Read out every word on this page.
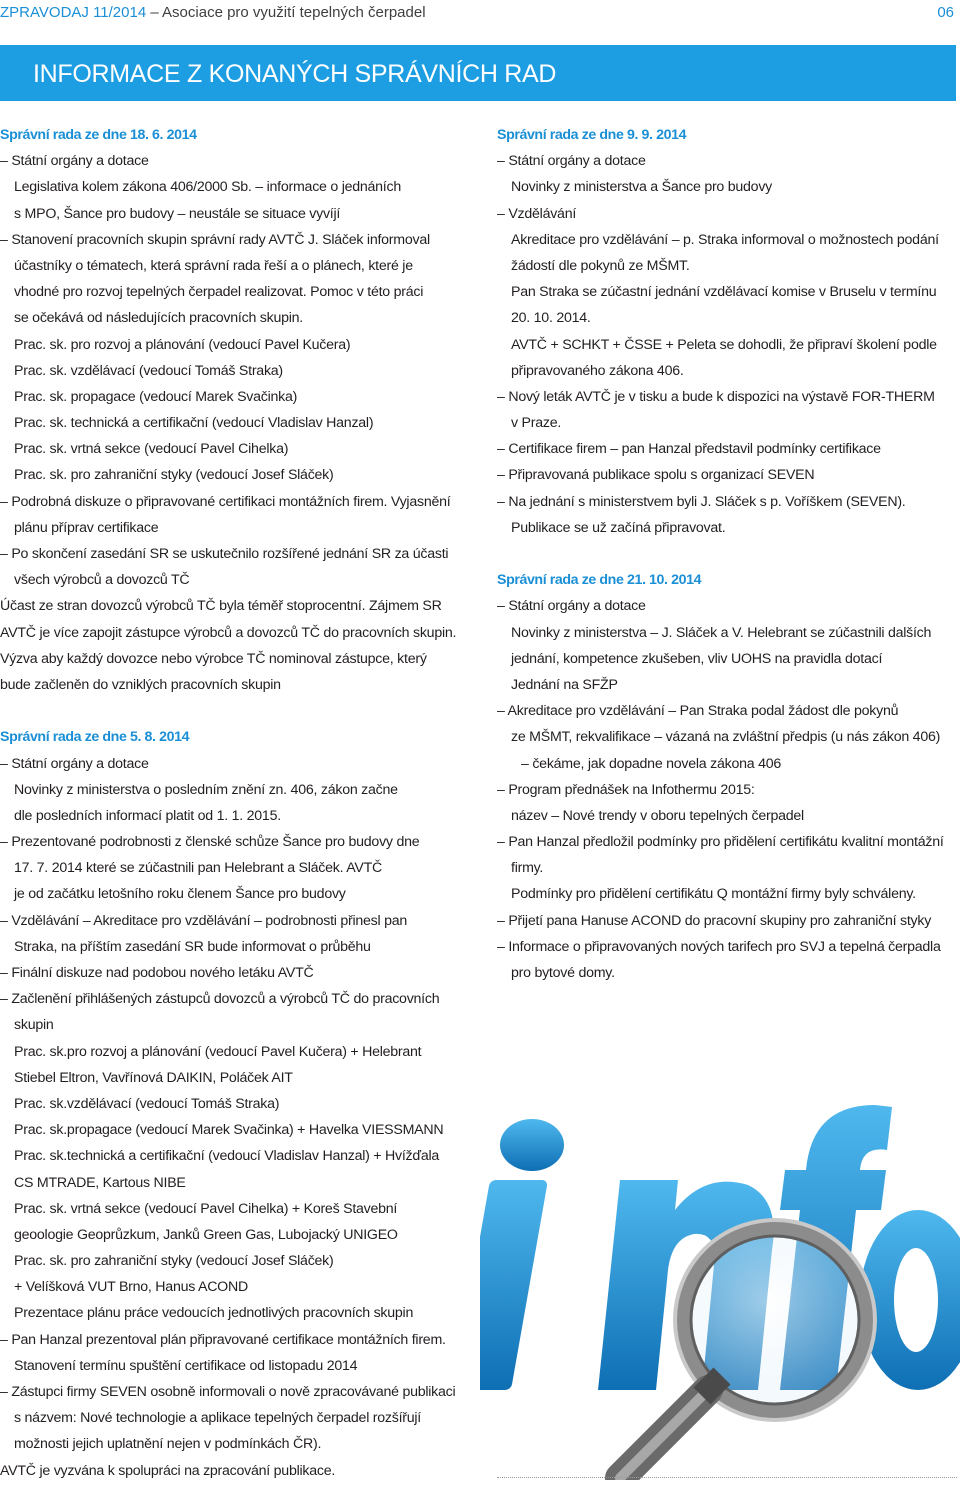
ZPRAVODAJ 11/2014 – Asociace pro využití tepelných čerpadel	06
INFORMACE Z KONANÝCH SPRÁVNÍCH RAD
Správní rada ze dne 18. 6. 2014
– Státní orgány a dotace
Legislativa kolem zákona 406/2000 Sb. – informace o jednáních
s MPO, Šance pro budovy – neustále se situace vyvíjí
– Stanovení pracovních skupin správní rady AVTČ J. Sláček informoval
účastníky o tématech, která správní rada řeší a o plánech, které je
vhodné pro rozvoj tepelných čerpadel realizovat. Pomoc v této práci
se očekává od následujících pracovních skupin.
Prac. sk. pro rozvoj a plánování (vedoucí Pavel Kučera)
Prac. sk. vzdělávací (vedoucí Tomáš Straka)
Prac. sk. propagace (vedoucí Marek Svačinka)
Prac. sk. technická a certifikační (vedoucí Vladislav Hanzal)
Prac. sk. vrtná sekce (vedoucí Pavel Cihelka)
Prac. sk. pro zahraniční styky (vedoucí Josef Sláček)
– Podrobná diskuze o připravované certifikaci montážních firem. Vyjasnění
plánu příprav certifikace
– Po skončení zasedání SR se uskutečnilo rozšířené jednání SR za účasti
všech výrobců a dovozců TČ
Účast ze stran dovozců výrobců TČ byla téměř stoprocentní. Zájmem SR
AVTČ je více zapojit zástupce výrobců a dovozců TČ do pracovních skupin.
Výzva aby každý dovozce nebo výrobce TČ nominoval zástupce, který
bude začleněn do vzniklých pracovních skupin
Správní rada ze dne 5. 8. 2014
– Státní orgány a dotace
Novinky z ministerstva o posledním znění zn. 406, zákon začne
dle posledních informací platit od 1. 1. 2015.
– Prezentované podrobnosti z členské schůze Šance pro budovy dne
17. 7. 2014 které se zúčastnili pan Helebrant a Sláček. AVTČ
je od začátku letošního roku členem Šance pro budovy
– Vzdělávání – Akreditace pro vzdělávání – podrobnosti přinesl pan
Straka, na příštím zasedání SR bude informovat o průběhu
– Finální diskuze nad podobou nového letáku AVTČ
– Začlenění přihlášených zástupců dovozců a výrobců TČ do pracovních
skupin
Prac. sk.pro rozvoj a plánování (vedoucí Pavel Kučera) + Helebrant
Stiebel Eltron, Vavřínová DAIKIN, Poláček AIT
Prac. sk.vzdělávací (vedoucí Tomáš Straka)
Prac. sk.propagace (vedoucí Marek Svačinka) + Havelka VIESSMANN
Prac. sk.technická a certifikační (vedoucí Vladislav Hanzal) + Hvížďala
CS MTRADE, Kartous NIBE
Prac. sk. vrtná sekce (vedoucí Pavel Cihelka) + Koreš Stavební
geoologie Geoprůzkum, Janků Green Gas, Lubojacký UNIGEO
Prac. sk. pro zahraniční styky (vedoucí Josef Sláček)
+ Velíšková VUT Brno, Hanus ACOND
Prezentace plánu práce vedoucích jednotlivých pracovních skupin
– Pan Hanzal prezentoval plán připravované certifikace montážních firem.
Stanovení termínu spuštění certifikace od listopadu 2014
– Zástupci firmy SEVEN osobně informovali o nově zpracovávané publikaci
s názvem: Nové technologie a aplikace tepelných čerpadel rozšířují
možnosti jejich uplatnění nejen v podmínkách ČR).
AVTČ je vyzvána k spolupráci na zpracování publikace.
Správní rada ze dne 9. 9. 2014
– Státní orgány a dotace
Novinky z ministerstva a Šance pro budovy
– Vzdělávání
Akreditace pro vzdělávání – p. Straka informoval o možnostech podání
žádostí dle pokynů ze MŠMT.
Pan Straka se zúčastní jednání vzdělávací komise v Bruselu v termínu
20. 10. 2014.
AVTČ + SCHKT + ČSSE + Peleta se dohodli, že připraví školení podle
připravovaného zákona 406.
– Nový leták AVTČ je v tisku a bude k dispozici na výstavě FOR-THERM
v Praze.
– Certifikace firem – pan Hanzal představil podmínky certifikace
– Připravovaná publikace spolu s organizací SEVEN
– Na jednání s ministerstvem byli J. Sláček s p. Voříškem (SEVEN).
Publikace se už začíná připravovat.
Správní rada ze dne 21. 10. 2014
– Státní orgány a dotace
Novinky z ministerstva – J. Sláček a V. Helebrant se zúčastnili dalších
jednání, kompetence zkušeben, vliv UOHS na pravidla dotací
Jednání na SFŽP
– Akreditace pro vzdělávání – Pan Straka podal žádost dle pokynů
ze MŠMT, rekvalifikace – vázaná na zvláštní předpis (u nás zákon 406)
– čekáme, jak dopadne novela zákona 406
– Program přednášek na Infothermu 2015:
název – Nové trendy v oboru tepelných čerpadel
– Pan Hanzal předložil podmínky pro přidělení certifikátu kvalitní montážní
firmy.
Podmínky pro přidělení certifikátu Q montážní firmy byly schváleny.
– Přijetí pana Hanuse ACOND do pracovní skupiny pro zahraniční styky
– Informace o připravovaných nových tarifech pro SVJ a tepelná čerpadla
pro bytové domy.
